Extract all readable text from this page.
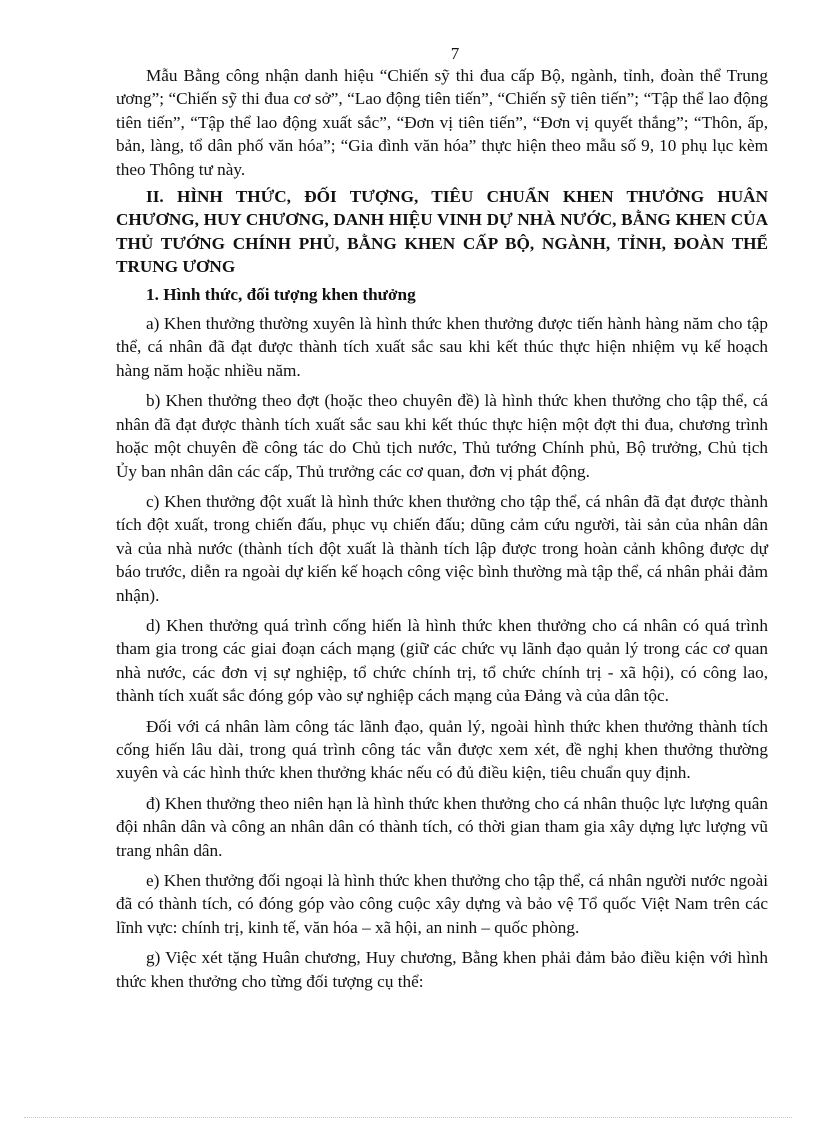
7

Mẫu Bằng công nhận danh hiệu “Chiến sỹ thi đua cấp Bộ, ngành, tỉnh, đoàn thể Trung ương”; “Chiến sỹ thi đua cơ sở”, “Lao động tiên tiến”, “Chiến sỹ tiên tiến”; “Tập thể lao động tiên tiến”, “Tập thể lao động xuất sắc”, “Đơn vị tiên tiến”, “Đơn vị quyết thắng”; “Thôn, ấp, bản, làng, tổ dân phố văn hóa”; “Gia đình văn hóa” thực hiện theo mẫu số 9, 10 phụ lục kèm theo Thông tư này.

II. HÌNH THỨC, ĐỐI TƯỢNG, TIÊU CHUẨN KHEN THƯỞNG HUÂN CHƯƠNG, HUY CHƯƠNG, DANH HIỆU VINH DỰ NHÀ NƯỚC, BẰNG KHEN CỦA THỦ TƯỚNG CHÍNH PHỦ, BẰNG KHEN CẤP BỘ, NGÀNH, TỈNH, ĐOÀN THỂ TRUNG ƯƠNG
1. Hình thức, đối tượng khen thưởng

a) Khen thưởng thường xuyên là hình thức khen thưởng được tiến hành hàng năm cho tập thể, cá nhân đã đạt được thành tích xuất sắc sau khi kết thúc thực hiện nhiệm vụ kế hoạch hàng năm hoặc nhiều năm.

b) Khen thưởng theo đợt (hoặc theo chuyên đề) là hình thức khen thưởng cho tập thể, cá nhân đã đạt được thành tích xuất sắc sau khi kết thúc thực hiện một đợt thi đua, chương trình hoặc một chuyên đề công tác do Chủ tịch nước, Thủ tướng Chính phủ, Bộ trưởng, Chủ tịch Ủy ban nhân dân các cấp, Thủ trưởng các cơ quan, đơn vị phát động.

c) Khen thưởng đột xuất là hình thức khen thưởng cho tập thể, cá nhân đã đạt được thành tích đột xuất, trong chiến đấu, phục vụ chiến đấu; dũng cảm cứu người, tài sản của nhân dân và của nhà nước (thành tích đột xuất là thành tích lập được trong hoàn cảnh không được dự báo trước, diễn ra ngoài dự kiến kế hoạch công việc bình thường mà tập thể, cá nhân phải đảm nhận).

d) Khen thưởng quá trình cống hiến là hình thức khen thưởng cho cá nhân có quá trình tham gia trong các giai đoạn cách mạng (giữ các chức vụ lãnh đạo quản lý trong các cơ quan nhà nước, các đơn vị sự nghiệp, tổ chức chính trị, tổ chức chính trị - xã hội), có công lao, thành tích xuất sắc đóng góp vào sự nghiệp cách mạng của Đảng và của dân tộc.

Đối với cá nhân làm công tác lãnh đạo, quản lý, ngoài hình thức khen thưởng thành tích cống hiến lâu dài, trong quá trình công tác vẫn được xem xét, đề nghị khen thưởng thường xuyên và các hình thức khen thưởng khác nếu có đủ điều kiện, tiêu chuẩn quy định.

đ) Khen thưởng theo niên hạn là hình thức khen thưởng cho cá nhân thuộc lực lượng quân đội nhân dân và công an nhân dân có thành tích, có thời gian tham gia xây dựng lực lượng vũ trang nhân dân.

e) Khen thưởng đối ngoại là hình thức khen thưởng cho tập thể, cá nhân người nước ngoài đã có thành tích, có đóng góp vào công cuộc xây dựng và bảo vệ Tổ quốc Việt Nam trên các lĩnh vực: chính trị, kinh tế, văn hóa – xã hội, an ninh – quốc phòng.

g) Việc xét tặng Huân chương, Huy chương, Bằng khen phải đảm bảo điều kiện với hình thức khen thưởng cho từng đối tượng cụ thể:
